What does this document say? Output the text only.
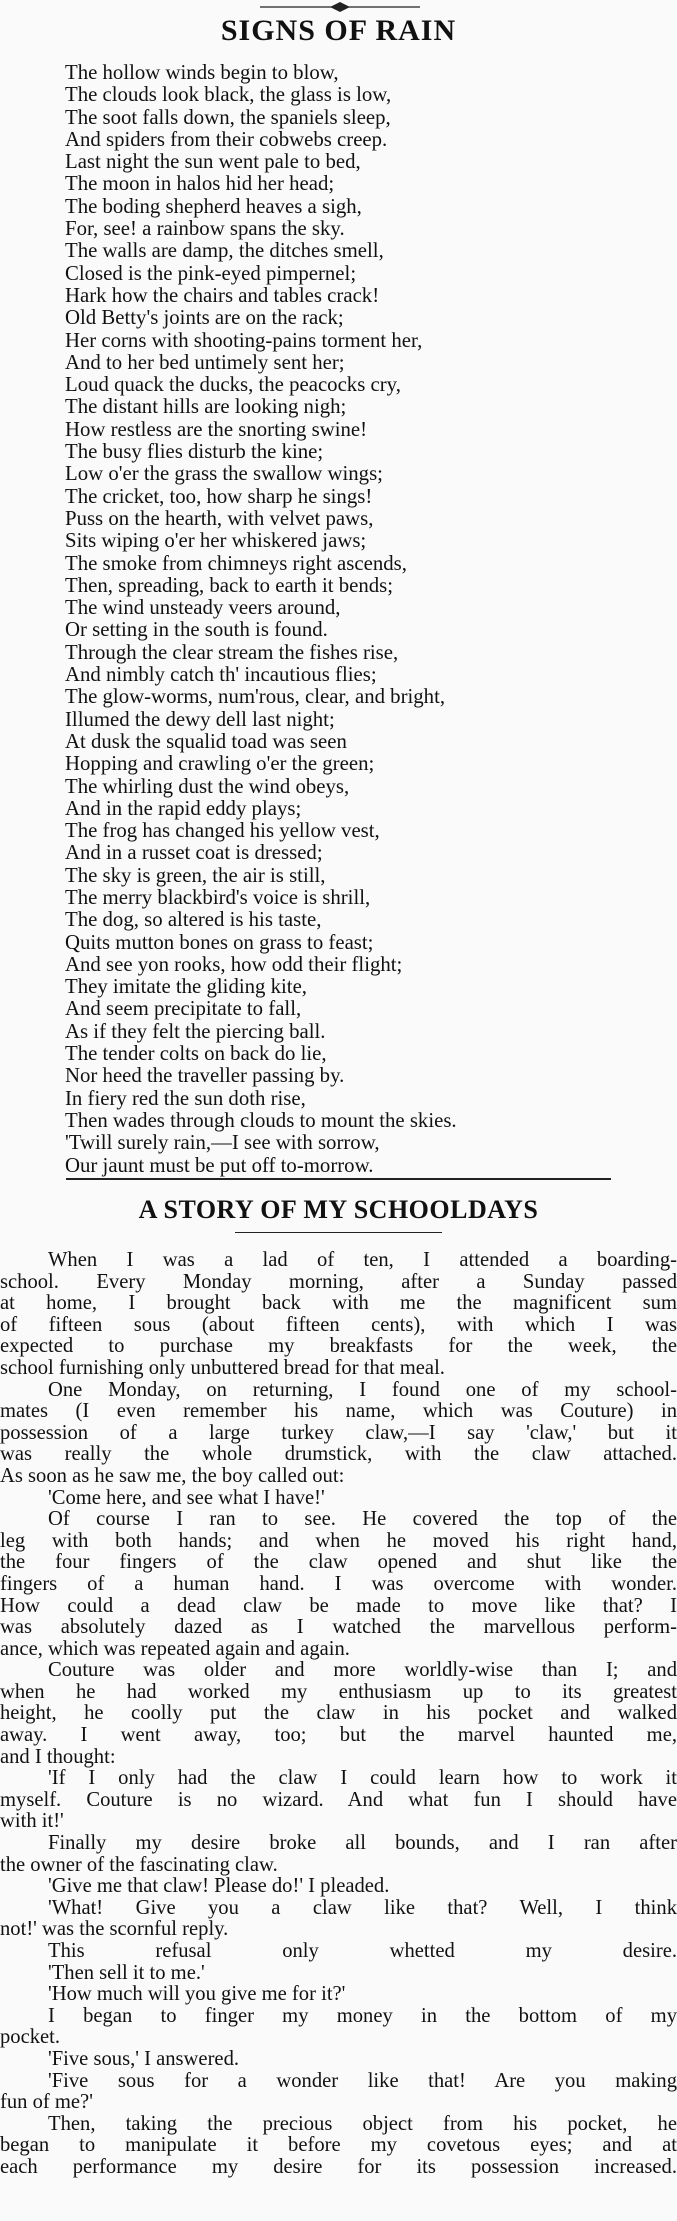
SIGNS OF RAIN
The hollow winds begin to blow,
The clouds look black, the glass is low,
The soot falls down, the spaniels sleep,
And spiders from their cobwebs creep.
Last night the sun went pale to bed,
The moon in halos hid her head;
The boding shepherd heaves a sigh,
For, see! a rainbow spans the sky.
The walls are damp, the ditches smell,
Closed is the pink-eyed pimpernel;
Hark how the chairs and tables crack!
Old Betty's joints are on the rack;
Her corns with shooting-pains torment her,
And to her bed untimely sent her;
Loud quack the ducks, the peacocks cry,
The distant hills are looking nigh;
How restless are the snorting swine!
The busy flies disturb the kine;
Low o'er the grass the swallow wings;
The cricket, too, how sharp he sings!
Puss on the hearth, with velvet paws,
Sits wiping o'er her whiskered jaws;
The smoke from chimneys right ascends,
Then, spreading, back to earth it bends;
The wind unsteady veers around,
Or setting in the south is found.
Through the clear stream the fishes rise,
And nimbly catch th' incautious flies;
The glow-worms, num'rous, clear, and bright,
Illumed the dewy dell last night;
At dusk the squalid toad was seen
Hopping and crawling o'er the green;
The whirling dust the wind obeys,
And in the rapid eddy plays;
The frog has changed his yellow vest,
And in a russet coat is dressed;
The sky is green, the air is still,
The merry blackbird's voice is shrill,
The dog, so altered is his taste,
Quits mutton bones on grass to feast;
And see yon rooks, how odd their flight;
They imitate the gliding kite,
And seem precipitate to fall,
As if they felt the piercing ball.
The tender colts on back do lie,
Nor heed the traveller passing by.
In fiery red the sun doth rise,
Then wades through clouds to mount the skies.
'Twill surely rain,—I see with sorrow,
Our jaunt must be put off to-morrow.
A STORY OF MY SCHOOLDAYS
When I was a lad of ten, I attended a boarding-
school. Every Monday morning, after a Sunday passed
at home, I brought back with me the magnificent sum
of fifteen sous (about fifteen cents), with which I was
expected to purchase my breakfasts for the week, the
school furnishing only unbuttered bread for that meal.
One Monday, on returning, I found one of my school-
mates (I even remember his name, which was Couture) in
possession of a large turkey claw,—I say 'claw,' but it
was really the whole drumstick, with the claw attached.
As soon as he saw me, the boy called out:
'Come here, and see what I have!'
Of course I ran to see. He covered the top of the
leg with both hands; and when he moved his right hand,
the four fingers of the claw opened and shut like the
fingers of a human hand. I was overcome with wonder.
How could a dead claw be made to move like that? I
was absolutely dazed as I watched the marvellous perform-
ance, which was repeated again and again.
Couture was older and more worldly-wise than I; and
when he had worked my enthusiasm up to its greatest
height, he coolly put the claw in his pocket and walked
away. I went away, too; but the marvel haunted me,
and I thought:
'If I only had the claw I could learn how to work it
myself. Couture is no wizard. And what fun I should have
with it!'
Finally my desire broke all bounds, and I ran after
the owner of the fascinating claw.
'Give me that claw! Please do!' I pleaded.
'What! Give you a claw like that? Well, I think
not!' was the scornful reply.
This refusal only whetted my desire.
'Then sell it to me.'
'How much will you give me for it?'
I began to finger my money in the bottom of my
pocket.
'Five sous,' I answered.
'Five sous for a wonder like that! Are you making
fun of me?'
Then, taking the precious object from his pocket, he
began to manipulate it before my covetous eyes; and at
each performance my desire for its possession increased.
